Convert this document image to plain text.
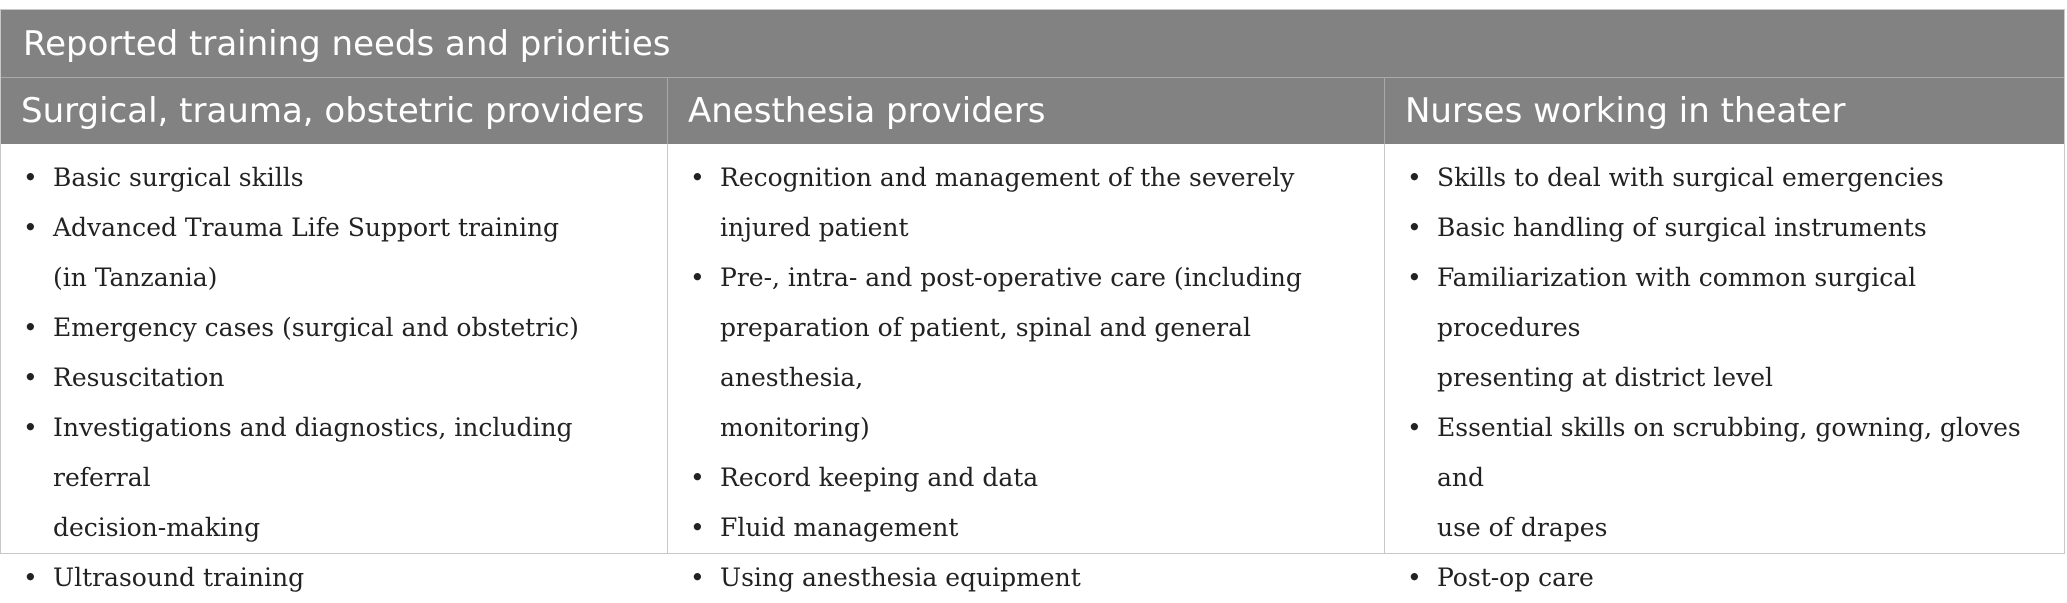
Reported training needs and priorities
Surgical, trauma, obstetric providers	Anesthesia providers	Nurses working in theater
• Basic surgical skills
• Advanced Trauma Life Support training
(in Tanzania)
• Emergency cases (surgical and obstetric)
• Resuscitation
• Investigations and diagnostics, including referral
decision-making
• Ultrasound training
• Recognition and management of the severely
injured patient
• Pre-, intra- and post-operative care (including
preparation of patient, spinal and general anesthesia,
monitoring)
• Record keeping and data
• Fluid management
• Using anesthesia equipment
• Skills to deal with surgical emergencies
• Basic handling of surgical instruments
• Familiarization with common surgical procedures
presenting at district level
• Essential skills on scrubbing, gowning, gloves and
use of drapes
• Post-op care
